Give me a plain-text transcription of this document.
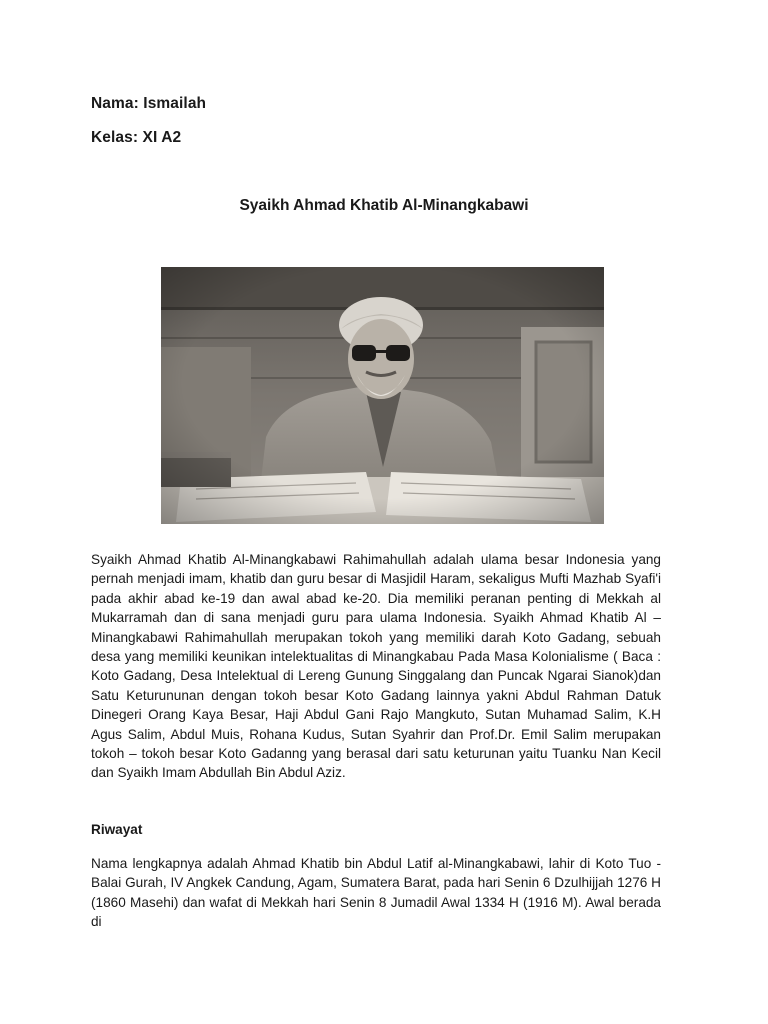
Nama: Ismailah
Kelas: XI A2
Syaikh Ahmad Khatib Al-Minangkabawi

Syaikh Ahmad Khatib Al-Minangkabawi Rahimahullah adalah ulama besar Indonesia yang pernah menjadi imam, khatib dan guru besar di Masjidil Haram, sekaligus Mufti Mazhab Syafi'i pada akhir abad ke-19 dan awal abad ke-20. Dia memiliki peranan penting di Mekkah al Mukarramah dan di sana menjadi guru para ulama Indonesia. Syaikh Ahmad Khatib Al – Minangkabawi Rahimahullah merupakan tokoh yang memiliki darah Koto Gadang, sebuah desa yang memiliki keunikan intelektualitas di Minangkabau Pada Masa Kolonialisme ( Baca : Koto Gadang, Desa Intelektual di Lereng Gunung Singgalang dan Puncak Ngarai Sianok)dan Satu Keturununan dengan tokoh besar Koto Gadang lainnya yakni Abdul Rahman Datuk Dinegeri Orang Kaya Besar, Haji Abdul Gani Rajo Mangkuto, Sutan Muhamad Salim, K.H Agus Salim, Abdul Muis, Rohana Kudus, Sutan Syahrir dan Prof.Dr. Emil Salim merupakan tokoh – tokoh besar Koto Gadanng yang berasal dari satu keturunan yaitu Tuanku Nan Kecil dan Syaikh Imam Abdullah Bin Abdul Aziz.

Riwayat

Nama lengkapnya adalah Ahmad Khatib bin Abdul Latif al-Minangkabawi, lahir di Koto Tuo - Balai Gurah, IV Angkek Candung, Agam, Sumatera Barat, pada hari Senin 6 Dzulhijjah 1276 H (1860 Masehi) dan wafat di Mekkah hari Senin 8 Jumadil Awal 1334 H (1916 M). Awal berada di
